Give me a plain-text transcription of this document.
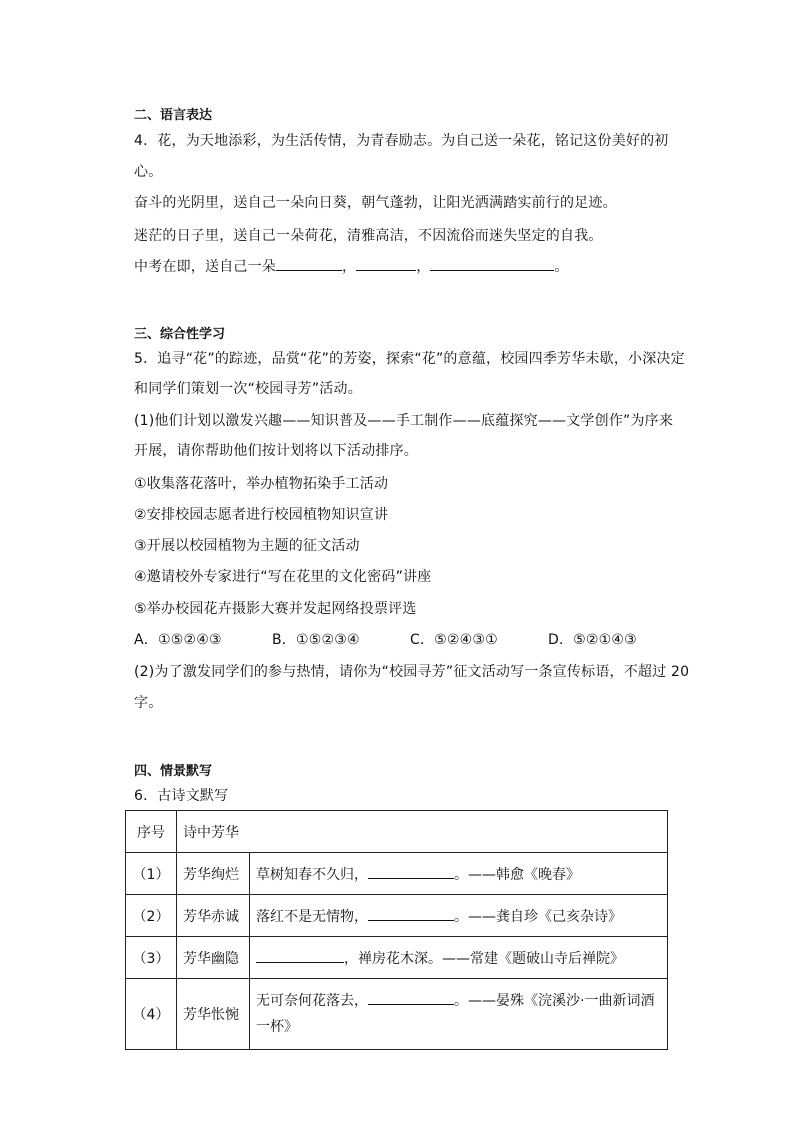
二、语言表达
4．花，为天地添彩，为生活传情，为青春励志。为自己送一朵花，铭记这份美好的初
心。
奋斗的光阴里，送自己一朵向日葵，朝气蓬勃，让阳光洒满踏实前行的足迹。
迷茫的日子里，送自己一朵荷花，清雅高洁，不因流俗而迷失坚定的自我。
中考在即，送自己一朵	，	，	。
三、综合性学习
5．追寻“花”的踪迹，品赏“花”的芳姿，探索“花”的意蕴，校园四季芳华未歇，小深决定
和同学们策划一次“校园寻芳”活动。
(1)他们计划以激发兴趣——知识普及——手工制作——底蕴探究——文学创作”为序来
开展，请你帮助他们按计划将以下活动排序。
①收集落花落叶，举办植物拓染手工活动
②安排校园志愿者进行校园植物知识宣讲
③开展以校园植物为主题的征文活动
④邀请校外专家进行“写在花里的文化密码”讲座
⑤举办校园花卉摄影大赛并发起网络投票评选
A．①⑤②④③	B．①⑤②③④	C．⑤②④③①	D．⑤②①④③
(2)为了激发同学们的参与热情，请你为“校园寻芳”征文活动写一条宣传标语，不超过 20
字。
四、情景默写
6．古诗文默写
序号	诗中芳华	
（1）	芳华绚烂	草树知春不久归， 。——韩愈《晚春》
（2）	芳华赤诚	落红不是无情物， 。——龚自珍《己亥杂诗》
（3）	芳华幽隐	，禅房花木深。——常建《题破山寺后禅院》
（4）	芳华怅惋	无可奈何花落去， 。——晏殊《浣溪沙·一曲新词酒
一杯》
